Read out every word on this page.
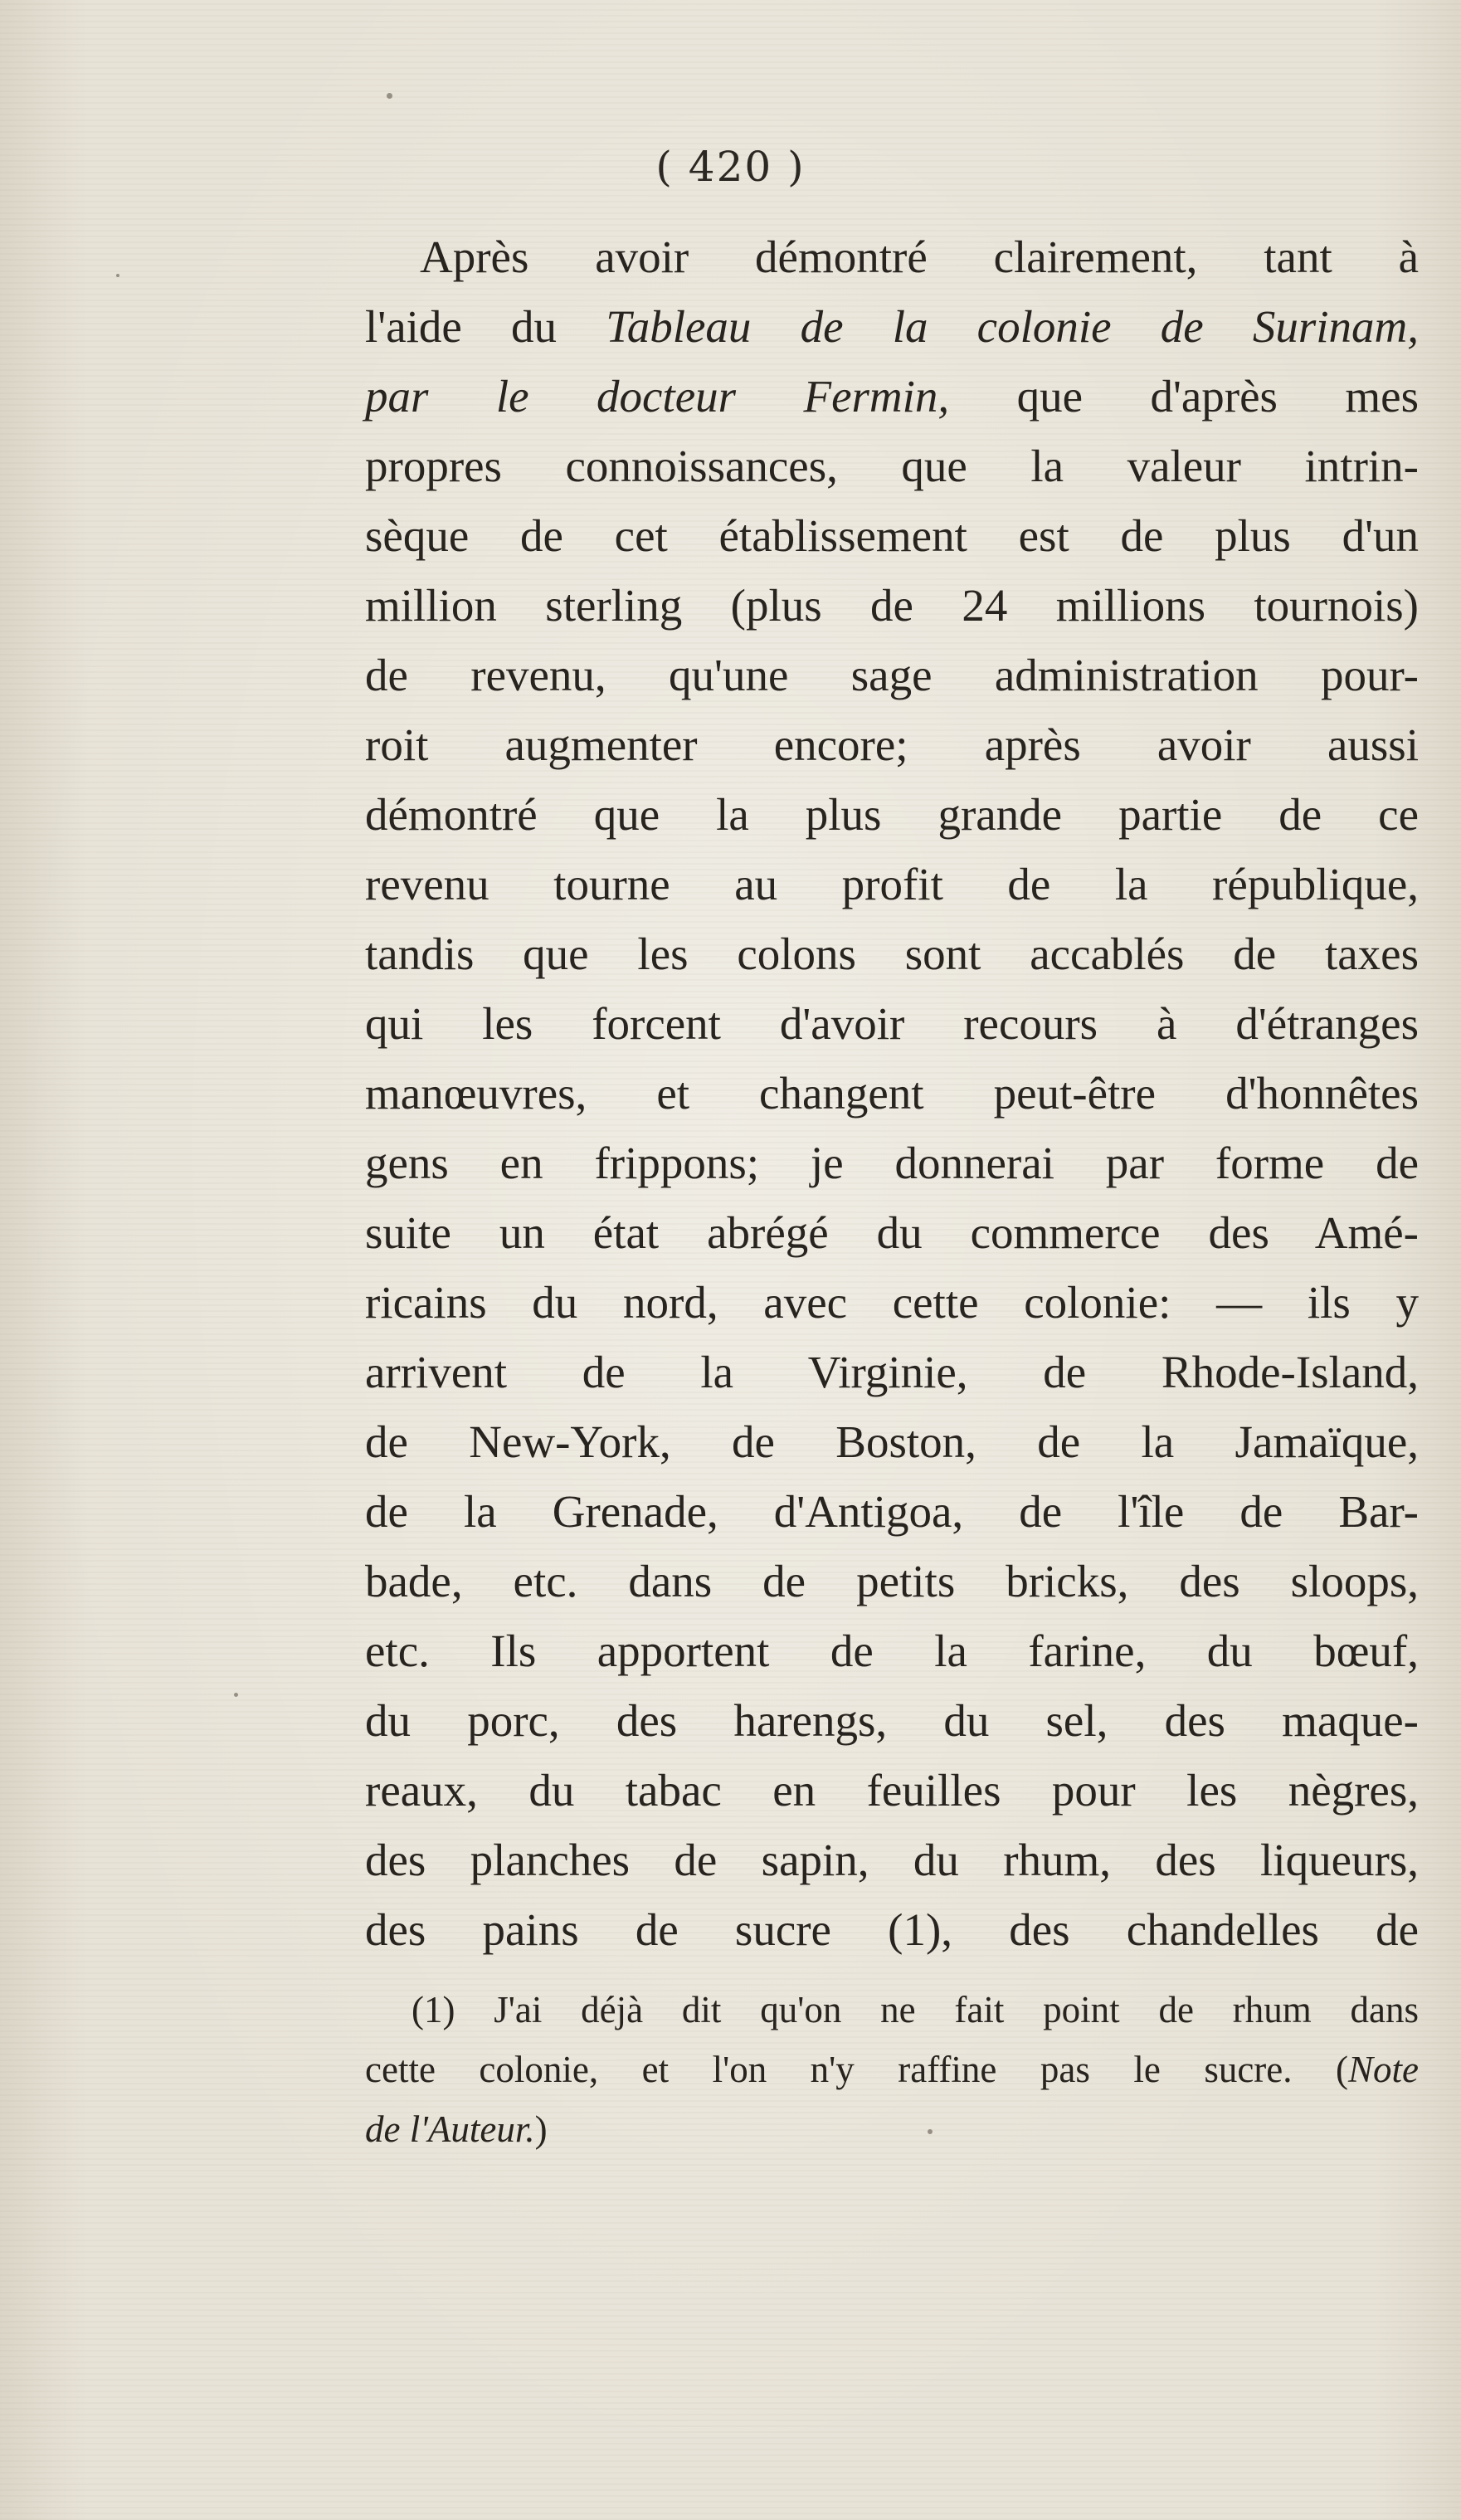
( 420 )
Après avoir démontré clairement, tant à
l'aide du Tableau de la colonie de Surinam,
par le docteur Fermin, que d'après mes
propres connoissances, que la valeur intrin-
sèque de cet établissement est de plus d'un
million sterling (plus de 24 millions tournois)
de revenu, qu'une sage administration pour-
roit augmenter encore; après avoir aussi
démontré que la plus grande partie de ce
revenu tourne au profit de la république,
tandis que les colons sont accablés de taxes
qui les forcent d'avoir recours à d'étranges
manœuvres, et changent peut-être d'honnêtes
gens en frippons; je donnerai par forme de
suite un état abrégé du commerce des Amé-
ricains du nord, avec cette colonie: — ils y
arrivent de la Virginie, de Rhode-Island,
de New-York, de Boston, de la Jamaïque,
de la Grenade, d'Antigoa, de l'île de Bar-
bade, etc. dans de petits bricks, des sloops,
etc. Ils apportent de la farine, du bœuf,
du porc, des harengs, du sel, des maque-
reaux, du tabac en feuilles pour les nègres,
des planches de sapin, du rhum, des liqueurs,
des pains de sucre (1), des chandelles de
(1) J'ai déjà dit qu'on ne fait point de rhum dans
cette colonie, et l'on n'y raffine pas le sucre. (Note
de l'Auteur.)
